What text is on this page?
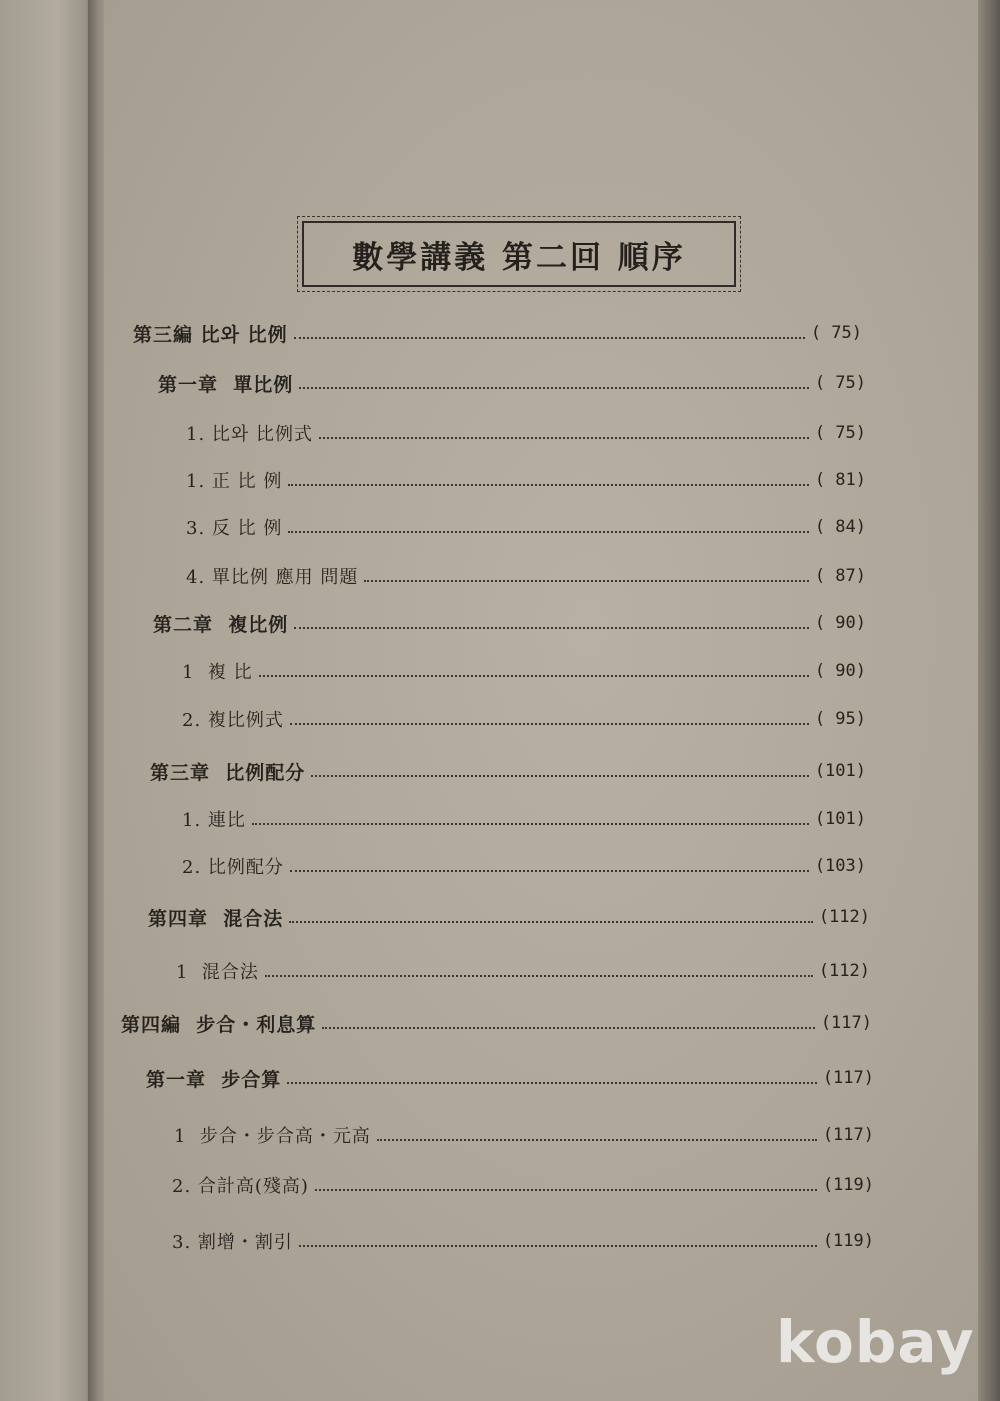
數學講義 第二回 順序
第三編 比와 比例	( 75)
第一章  單比例	( 75)
1. 比와 比例式	( 75)
1. 正 比 例	( 81)
3. 反 比 例	( 84)
4. 單比例 應用 問題	( 87)
第二章  複比例	( 90)
1  複 比	( 90)
2. 複比例式	( 95)
第三章  比例配分	(101)
1. 連比	(101)
2. 比例配分	(103)
第四章  混合法	(112)
1  混合法	(112)
第四編  步合・利息算	(117)
第一章  步合算	(117)
1  步合・步合高・元高	(117)
2. 合計高(殘高)	(119)
3. 割增・割引	(119)
kobay
